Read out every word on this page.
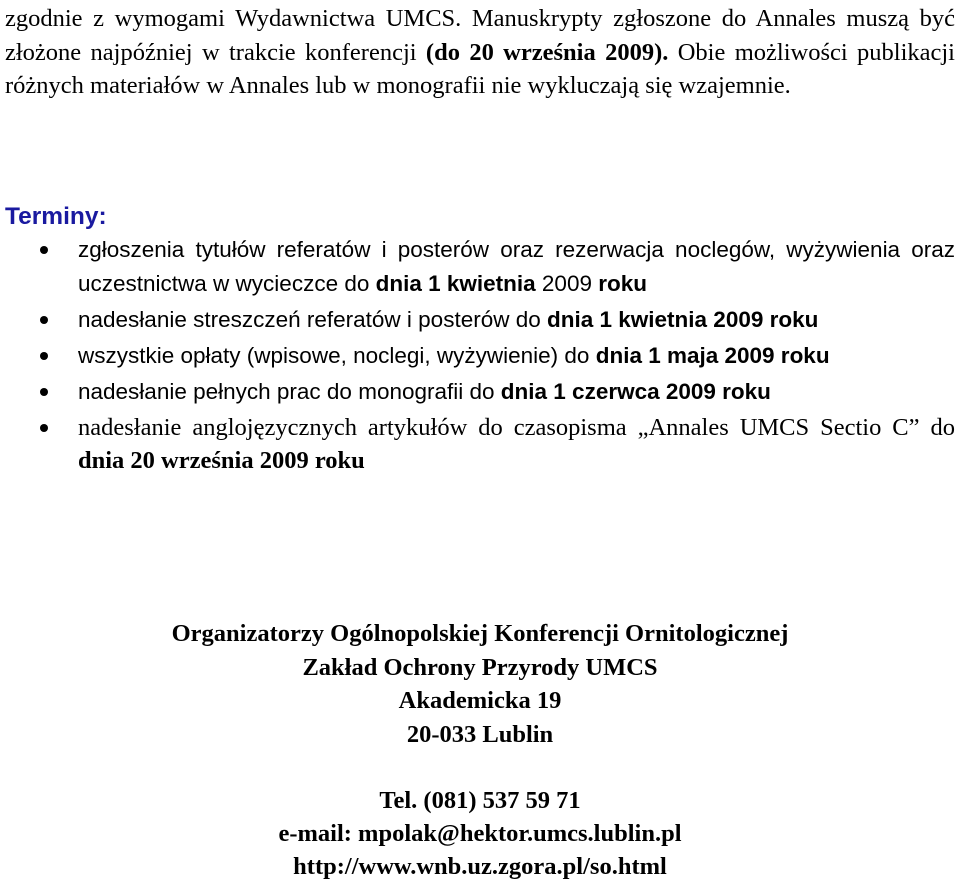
zgodnie z wymogami Wydawnictwa UMCS. Manuskrypty zgłoszone do Annales muszą być złożone najpóźniej w trakcie konferencji (do 20 września 2009). Obie możliwości publikacji różnych materiałów w Annales lub w monografii nie wykluczają się wzajemnie.

Terminy:
zgłoszenia tytułów referatów i posterów oraz rezerwacja noclegów, wyżywienia oraz uczestnictwa w wycieczce do dnia 1 kwietnia 2009 roku
nadesłanie streszczeń referatów i posterów do dnia 1 kwietnia 2009 roku
wszystkie opłaty (wpisowe, noclegi, wyżywienie) do dnia 1 maja 2009 roku
nadesłanie pełnych prac do monografii do dnia 1 czerwca 2009 roku
nadesłanie anglojęzycznych artykułów do czasopisma „Annales UMCS Sectio C” do dnia 20 września 2009 roku

Organizatorzy Ogólnopolskiej Konferencji Ornitologicznej
Zakład Ochrony Przyrody UMCS
Akademicka 19
20-033 Lublin

Tel. (081) 537 59 71
e-mail: mpolak@hektor.umcs.lublin.pl
http://www.wnb.uz.zgora.pl/so.html
